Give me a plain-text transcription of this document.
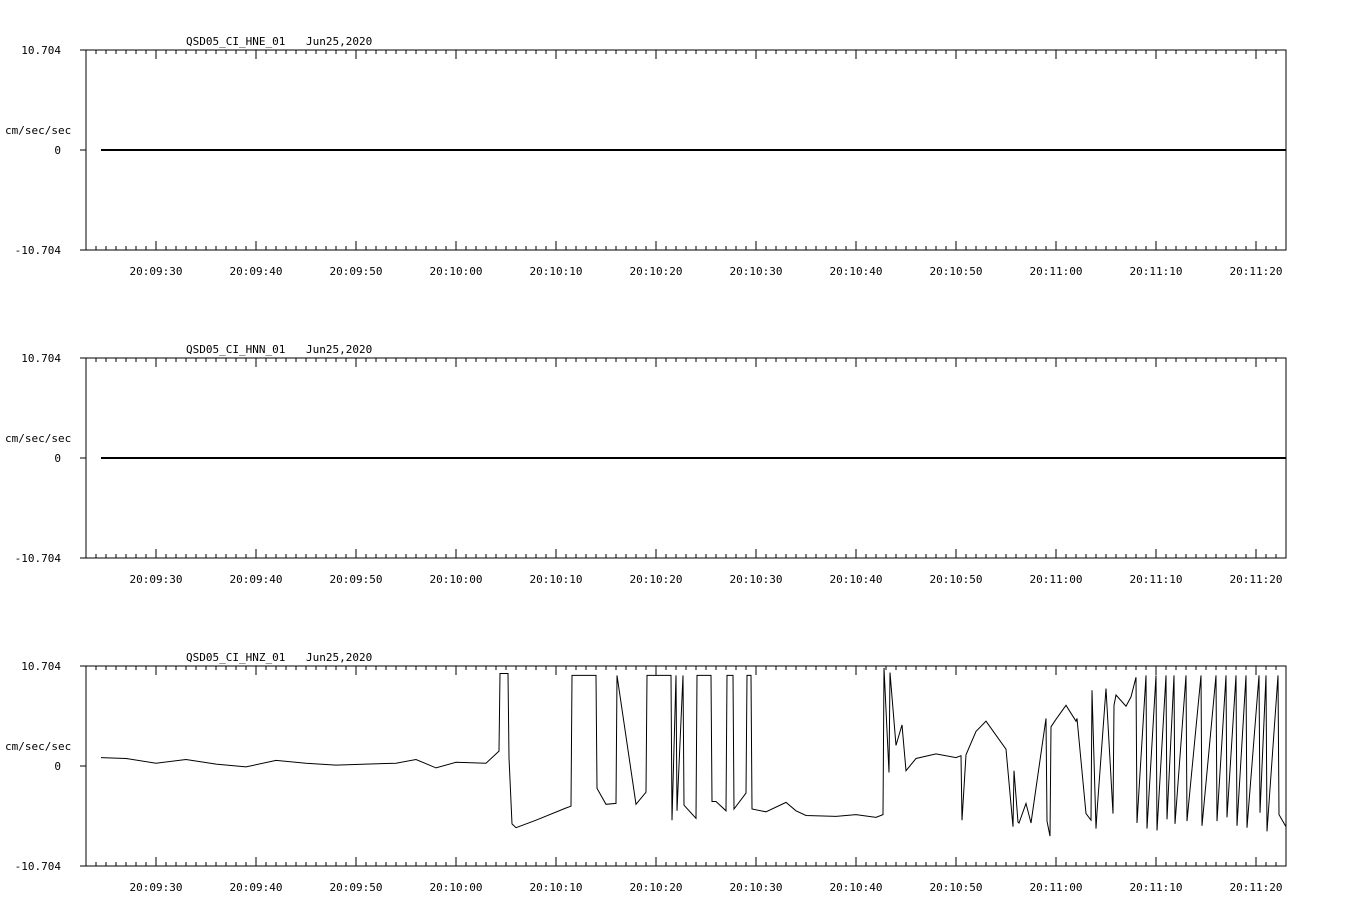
QSD05_CI_HNE_01 Jun25,2020
10.704
0
-10.704
cm/sec/sec
20:09:30	20:09:40	20:09:50	20:10:00	20:10:10	20:10:20	20:10:30	20:10:40	20:10:50	20:11:00	20:11:10	20:11:20
QSD05_CI_HNN_01 Jun25,2020
10.704
0
-10.704
cm/sec/sec
20:09:30	20:09:40	20:09:50	20:10:00	20:10:10	20:10:20	20:10:30	20:10:40	20:10:50	20:11:00	20:11:10	20:11:20
QSD05_CI_HNZ_01 Jun25,2020
10.704
0
-10.704
cm/sec/sec
20:09:30	20:09:40	20:09:50	20:10:00	20:10:10	20:10:20	20:10:30	20:10:40	20:10:50	20:11:00	20:11:10	20:11:20
